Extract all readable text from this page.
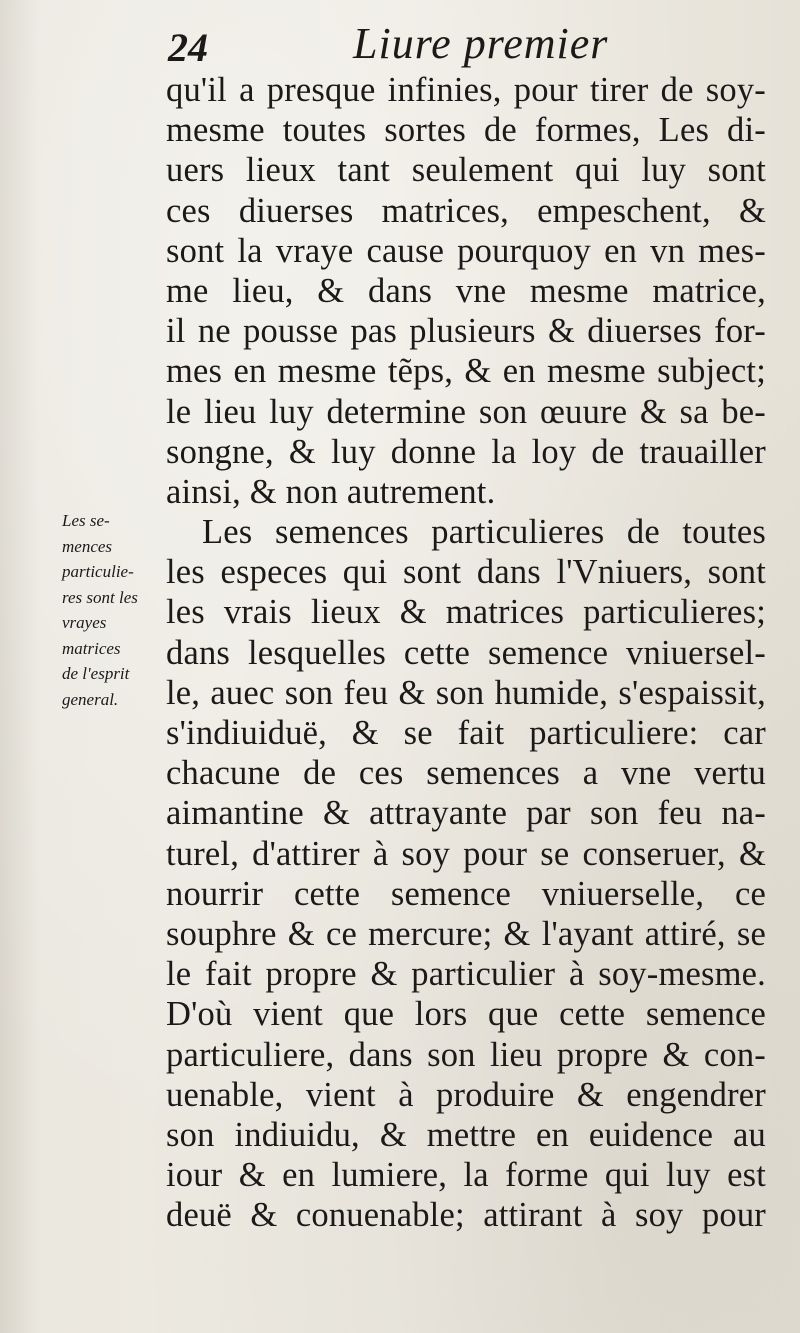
24	Liure premier
Les se-
mences
particulie-
res sont les
vrayes
matrices
de l'esprit
general.
qu'il a presque infinies, pour tirer de soy-
mesme toutes sortes de formes, Les di-
uers lieux tant seulement qui luy sont
ces diuerses matrices, empeschent, &
sont la vraye cause pourquoy en vn mes-
me lieu, & dans vne mesme matrice,
il ne pousse pas plusieurs & diuerses for-
mes en mesme tẽps, & en mesme subject;
le lieu luy determine son œuure & sa be-
songne, & luy donne la loy de trauailler
ainsi, & non autrement.
Les semences particulieres de toutes
les especes qui sont dans l'Vniuers, sont
les vrais lieux & matrices particulieres;
dans lesquelles cette semence vniuersel-
le, auec son feu & son humide, s'espaissit,
s'indiuiduë, & se fait particuliere: car
chacune de ces semences a vne vertu
aimantine & attrayante par son feu na-
turel, d'attirer à soy pour se conseruer, &
nourrir cette semence vniuerselle, ce
souphre & ce mercure; & l'ayant attiré, se
le fait propre & particulier à soy-mesme.
D'où vient que lors que cette semence
particuliere, dans son lieu propre & con-
uenable, vient à produire & engendrer
son indiuidu, & mettre en euidence au
iour & en lumiere, la forme qui luy est
deuë & conuenable; attirant à soy pour
